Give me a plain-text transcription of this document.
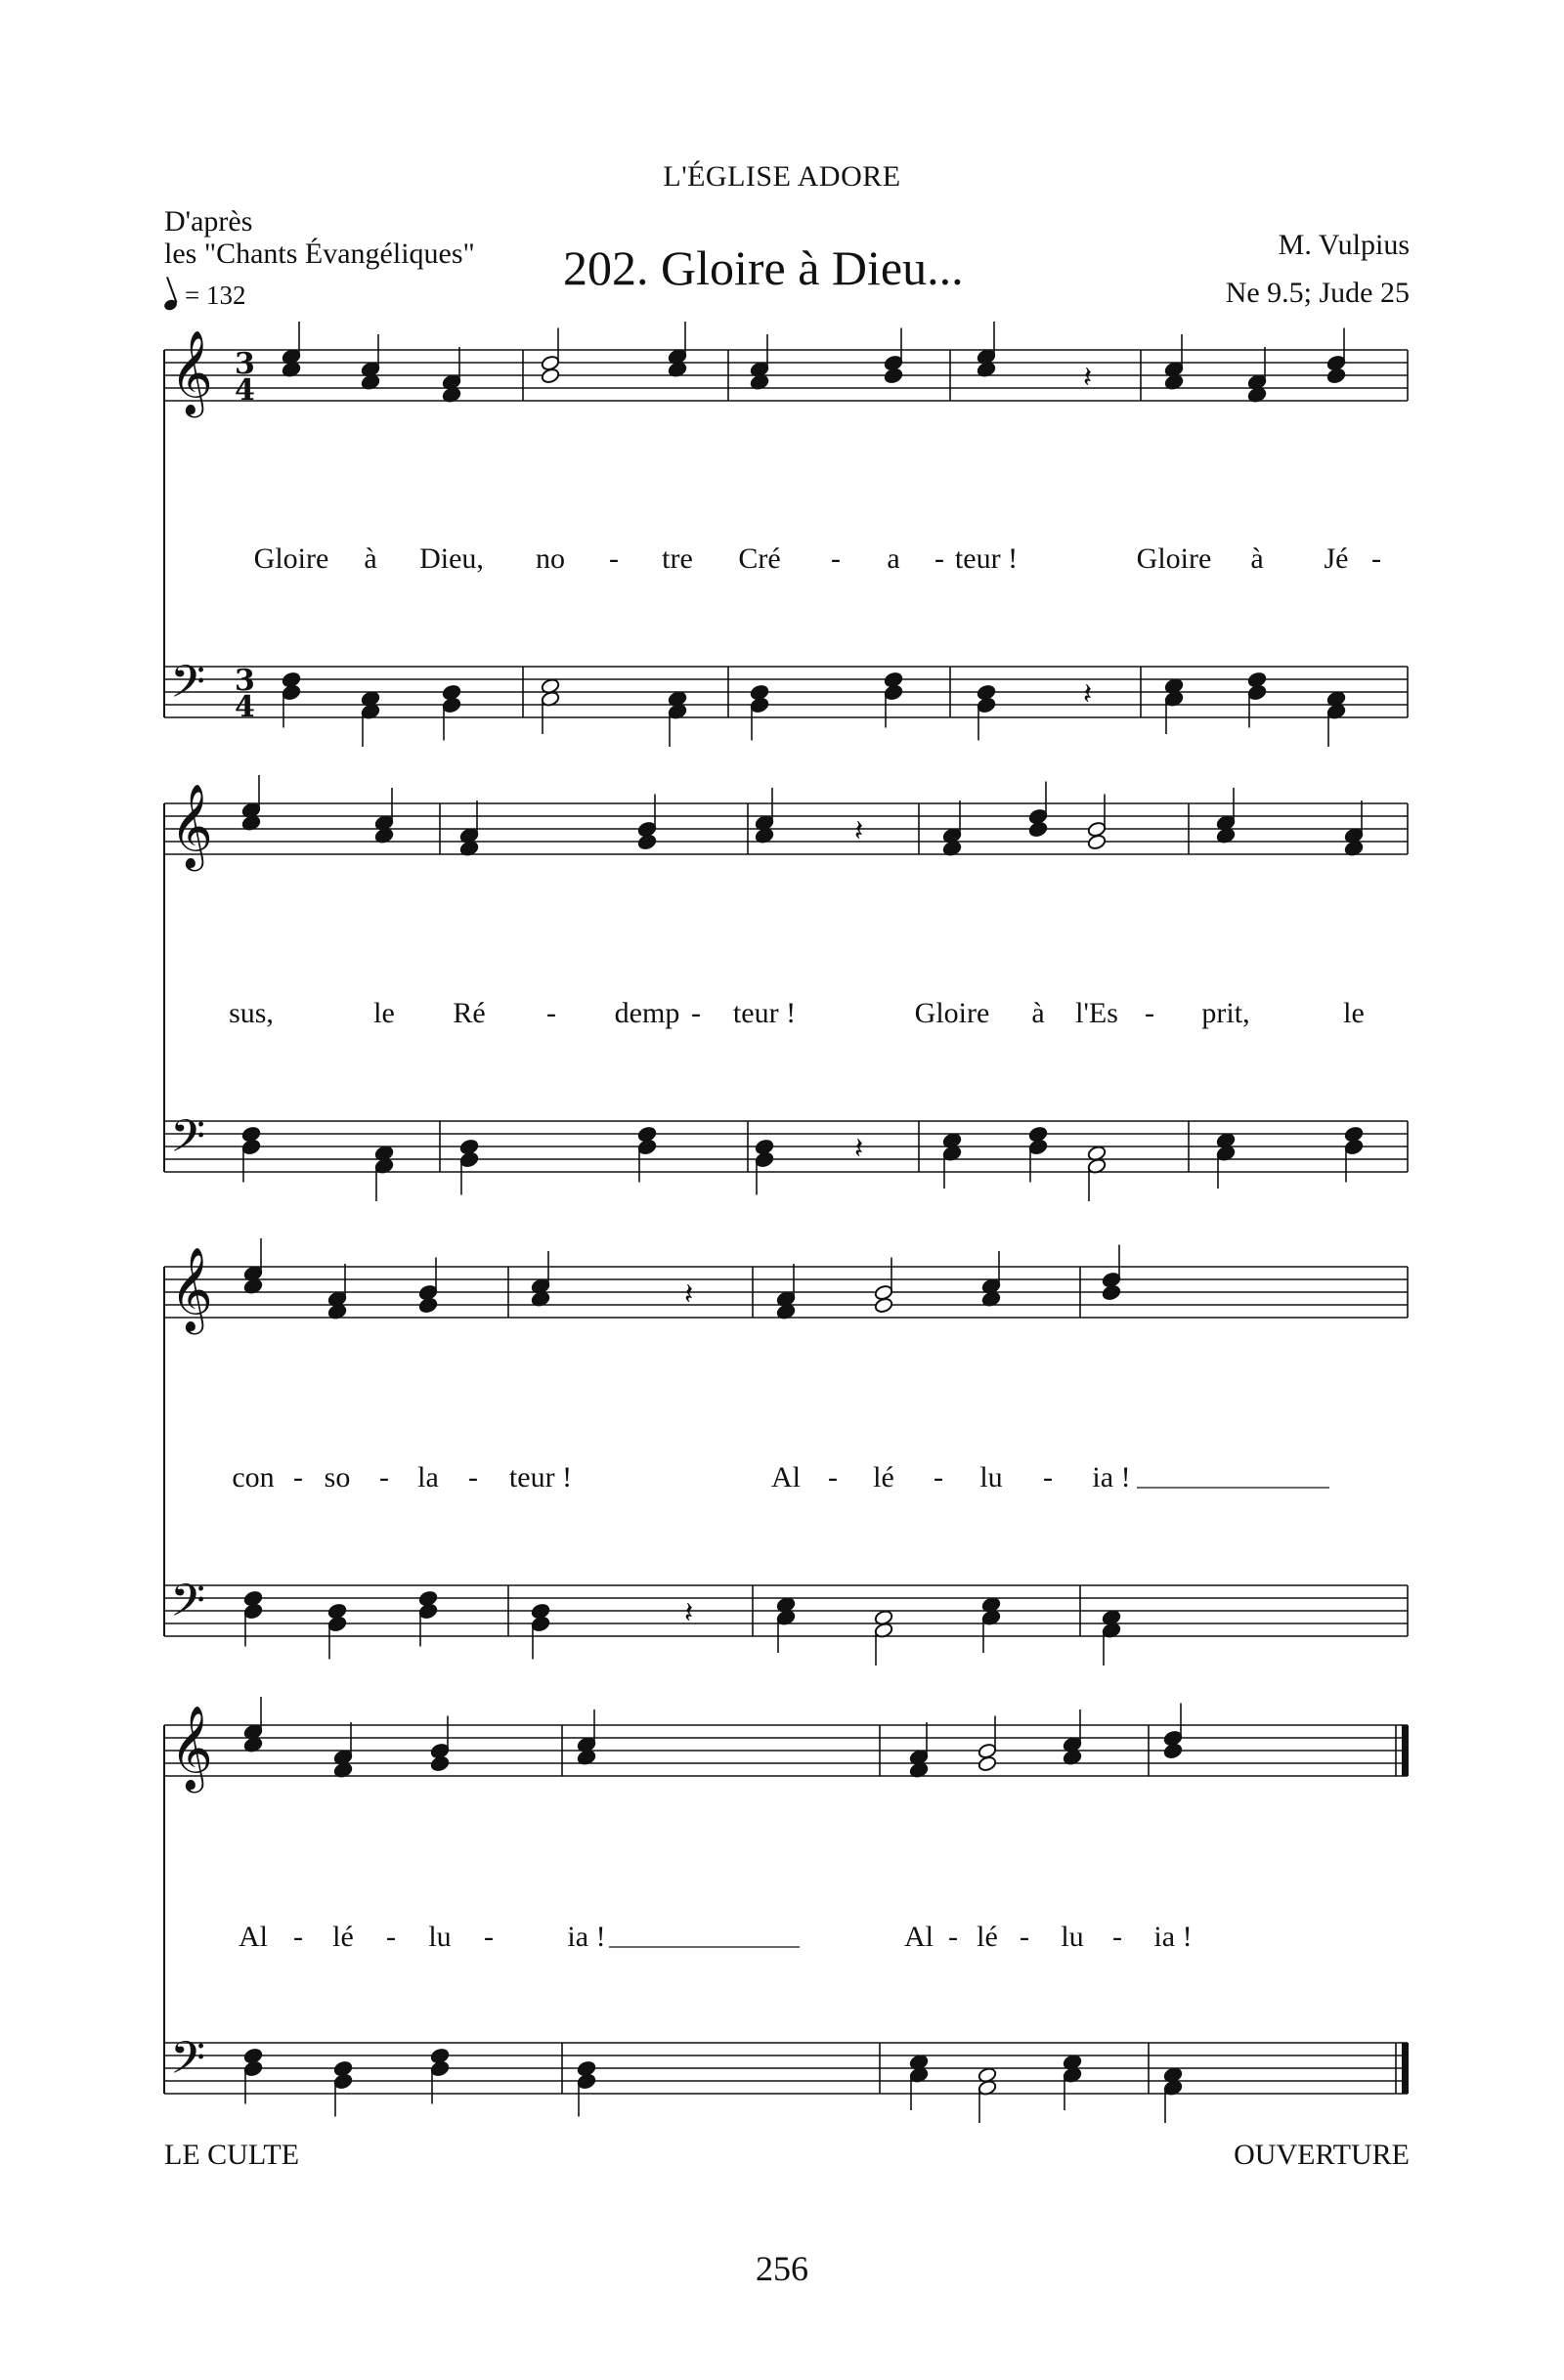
L'ÉGLISE ADORE
D'après
les "Chants Évangéliques"
= 132	202. Gloire à Dieu...	M. Vulpius
Ne 9.5; Jude 25
𝄞
𝄢
3
4
3
4
𝄽
𝄽
Gloire à Dieu, no - tre Cré - a - teur !	Gloire à Jé -
𝄞
𝄢
𝄽
𝄽
sus,	le Ré - demp - teur !	Gloire à l'Es - prit,	le
𝄞
𝄢
𝄽
𝄽
con - so - la - teur !	Al - lé - lu - ia !
𝄞
𝄢
Al - lé - lu -	ia !	Al - lé - lu - ia !
LE CULTE	OUVERTURE
256
